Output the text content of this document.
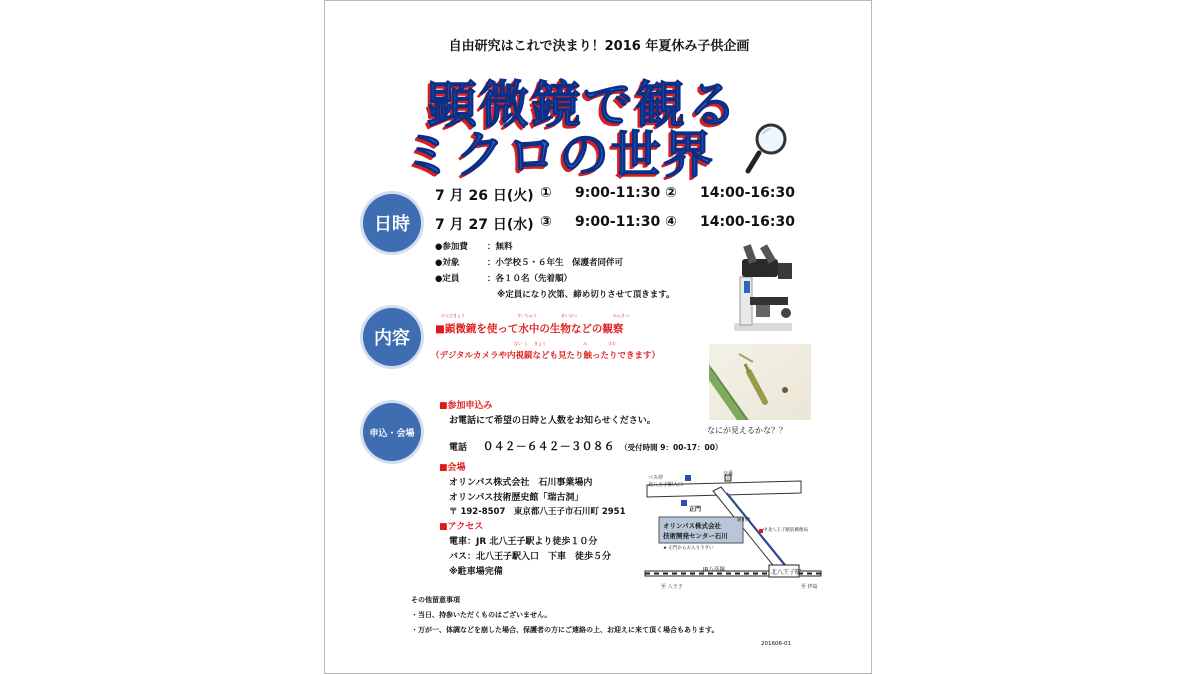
自由研究はこれで決まり！2016 年夏休み子供企画
顕微鏡で観る
ミクロの世界
日時
7 月 26 日(火) ① 9:00-11:30 ② 14:00-16:30
7 月 27 日(水) ③ 9:00-11:30 ④ 14:00-16:30
●参加費 ：無料
●対象	：小学校５・６年生　保護者同伴可
●定員	：各１０名（先着順）
※定員になり次第、締め切りさせて頂きます。
内容
けんびきょう	すいちゅう	せいぶつ	かんさつ
■顕微鏡を使って水中の生物などの観察
ない し きょう	み	さわ
（デジタルカメラや内視鏡なども見たり触ったりできます）
なにが見えるかな？？
申込・会場
■参加申込み
お電話にて希望の日時と人数をお知らせください。
電話 ０４２－６４２－３０８６ （受付時間 9：00-17：00）
■会場
オリンパス株式会社　石川事業場内
オリンパス技術歴史館「瑞古洞」
〒 192-8507　東京都八王子市石川町 2951
■アクセス
電車：JR 北八王子駅より徒歩１０分
バス：北八王子駅入口　下車　徒歩５分
※駐車場完備
バス停
北八王子駅入口
交番
正門
通用門
中北八王子駅前郵便局
オリンパス株式会社
技術開発センター石川
★ 正門からお入り下さい
JR八高線	北八王子駅
至 八王子	至 拝島
その他留意事項
・当日、持参いただくものはございません。
・万が一、体調などを崩した場合、保護者の方にご連絡の上、お迎えに来て頂く場合もあります。
201606-01
